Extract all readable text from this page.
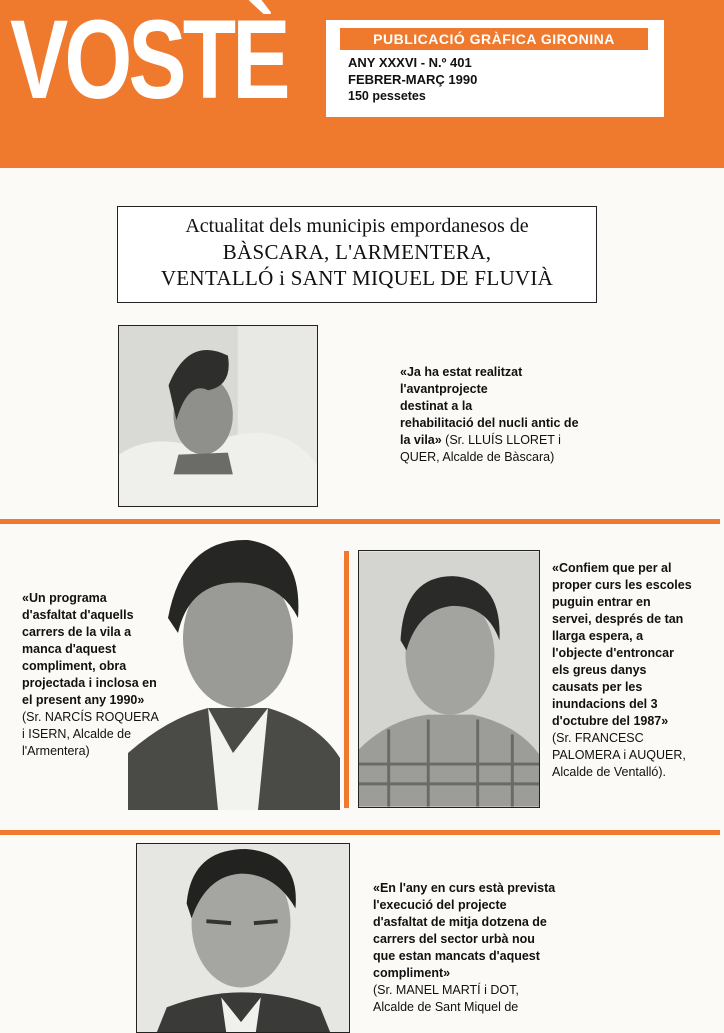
VOSTÈ	PUBLICACIÓ GRÀFICA GIRONINA
ANY XXXVI - N.º 401
FEBRER-MARÇ 1990
150 pessetes
Actualitat dels municipis empordanesos de
BÀSCARA, L'ARMENTERA,
VENTALLÓ i SANT MIQUEL DE FLUVIÀ
«Ja ha estat realitzat
l'avantprojecte
destinat a la
rehabilitació del nucli antic de
la vila» (Sr. LLUÍS LLORET i
QUER, Alcalde de Bàscara)
«Un programa
d'asfaltat d'aquells
carrers de la vila a
manca d'aquest
compliment, obra
projectada i inclosa en
el present any 1990»
(Sr. NARCÍS ROQUERA
i ISERN, Alcalde de
l'Armentera)
«Confiem que per al
proper curs les escoles
puguin entrar en
servei, després de tan
llarga espera, a
l'objecte d'entroncar
els greus danys
causats per les
inundacions del 3
d'octubre del 1987»
(Sr. FRANCESC
PALOMERA i AUQUER,
Alcalde de Ventalló).
«En l'any en curs està prevista
l'execució del projecte
d'asfaltat de mitja dotzena de
carrers del sector urbà nou
que estan mancats d'aquest
compliment»
(Sr. MANEL MARTÍ i DOT,
Alcalde de Sant Miquel de
